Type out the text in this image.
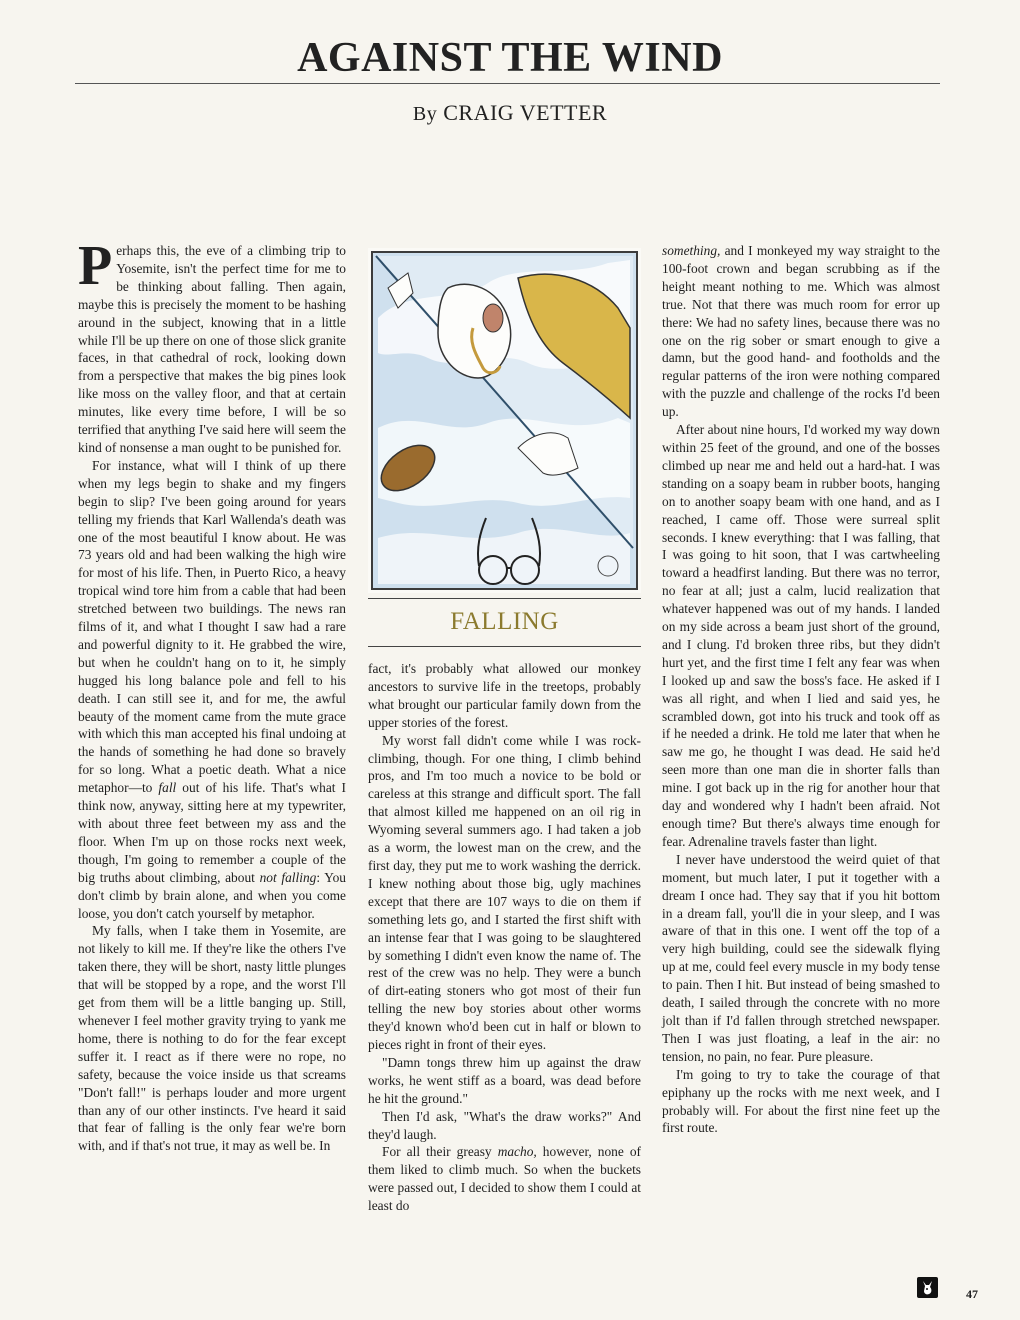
AGAINST THE WIND
By CRAIG VETTER

Perhaps this, the eve of a climbing trip to Yosemite, isn't the perfect time for me to be thinking about falling. Then again, maybe this is precisely the moment to be hashing around in the subject, knowing that in a little while I'll be up there on one of those slick granite faces, in that cathedral of rock, looking down from a perspective that makes the big pines look like moss on the valley floor, and that at certain minutes, like every time before, I will be so terrified that anything I've said here will seem the kind of nonsense a man ought to be punished for.

For instance, what will I think of up there when my legs begin to shake and my fingers begin to slip? I've been going around for years telling my friends that Karl Wallenda's death was one of the most beautiful I know about. He was 73 years old and had been walking the high wire for most of his life. Then, in Puerto Rico, a heavy tropical wind tore him from a cable that had been stretched between two buildings. The news ran films of it, and what I thought I saw had a rare and powerful dignity to it. He grabbed the wire, but when he couldn't hang on to it, he simply hugged his long balance pole and fell to his death. I can still see it, and for me, the awful beauty of the moment came from the mute grace with which this man accepted his final undoing at the hands of something he had done so bravely for so long. What a poetic death. What a nice metaphor—to fall out of his life. That's what I think now, anyway, sitting here at my typewriter, with about three feet between my ass and the floor. When I'm up on those rocks next week, though, I'm going to remember a couple of the big truths about climbing, about not falling: You don't climb by brain alone, and when you come loose, you don't catch yourself by metaphor.

My falls, when I take them in Yosemite, are not likely to kill me. If they're like the others I've taken there, they will be short, nasty little plunges that will be stopped by a rope, and the worst I'll get from them will be a little banging up. Still, whenever I feel mother gravity trying to yank me home, there is nothing to do for the fear except suffer it. I react as if there were no rope, no safety, because the voice inside us that screams "Don't fall!" is perhaps louder and more urgent than any of our other instincts. I've heard it said that fear of falling is the only fear we're born with, and if that's not true, it may as well be. In

FALLING

fact, it's probably what allowed our monkey ancestors to survive life in the treetops, probably what brought our particular family down from the upper stories of the forest.

My worst fall didn't come while I was rock-climbing, though. For one thing, I climb behind pros, and I'm too much a novice to be bold or careless at this strange and difficult sport. The fall that almost killed me happened on an oil rig in Wyoming several summers ago. I had taken a job as a worm, the lowest man on the crew, and the first day, they put me to work washing the derrick. I knew nothing about those big, ugly machines except that there are 107 ways to die on them if something lets go, and I started the first shift with an intense fear that I was going to be slaughtered by something I didn't even know the name of. The rest of the crew was no help. They were a bunch of dirt-eating stoners who got most of their fun telling the new boy stories about other worms they'd known who'd been cut in half or blown to pieces right in front of their eyes.

"Damn tongs threw him up against the draw works, he went stiff as a board, was dead before he hit the ground."

Then I'd ask, "What's the draw works?" And they'd laugh.

For all their greasy macho, however, none of them liked to climb much. So when the buckets were passed out, I decided to show them I could at least do

something, and I monkeyed my way straight to the 100-foot crown and began scrubbing as if the height meant nothing to me. Which was almost true. Not that there was much room for error up there: We had no safety lines, because there was no one on the rig sober or smart enough to give a damn, but the good hand- and footholds and the regular patterns of the iron were nothing compared with the puzzle and challenge of the rocks I'd been up.

After about nine hours, I'd worked my way down within 25 feet of the ground, and one of the bosses climbed up near me and held out a hard-hat. I was standing on a soapy beam in rubber boots, hanging on to another soapy beam with one hand, and as I reached, I came off. Those were surreal split seconds. I knew everything: that I was falling, that I was going to hit soon, that I was cartwheeling toward a headfirst landing. But there was no terror, no fear at all; just a calm, lucid realization that whatever happened was out of my hands. I landed on my side across a beam just short of the ground, and I clung. I'd broken three ribs, but they didn't hurt yet, and the first time I felt any fear was when I looked up and saw the boss's face. He asked if I was all right, and when I lied and said yes, he scrambled down, got into his truck and took off as if he needed a drink. He told me later that when he saw me go, he thought I was dead. He said he'd seen more than one man die in shorter falls than mine. I got back up in the rig for another hour that day and wondered why I hadn't been afraid. Not enough time? But there's always time enough for fear. Adrenaline travels faster than light.

I never have understood the weird quiet of that moment, but much later, I put it together with a dream I once had. They say that if you hit bottom in a dream fall, you'll die in your sleep, and I was aware of that in this one. I went off the top of a very high building, could see the sidewalk flying up at me, could feel every muscle in my body tense to pain. Then I hit. But instead of being smashed to death, I sailed through the concrete with no more jolt than if I'd fallen through stretched newspaper. Then I was just floating, a leaf in the air: no tension, no pain, no fear. Pure pleasure.

I'm going to try to take the courage of that epiphany up the rocks with me next week, and I probably will. For about the first nine feet up the first route.

47
